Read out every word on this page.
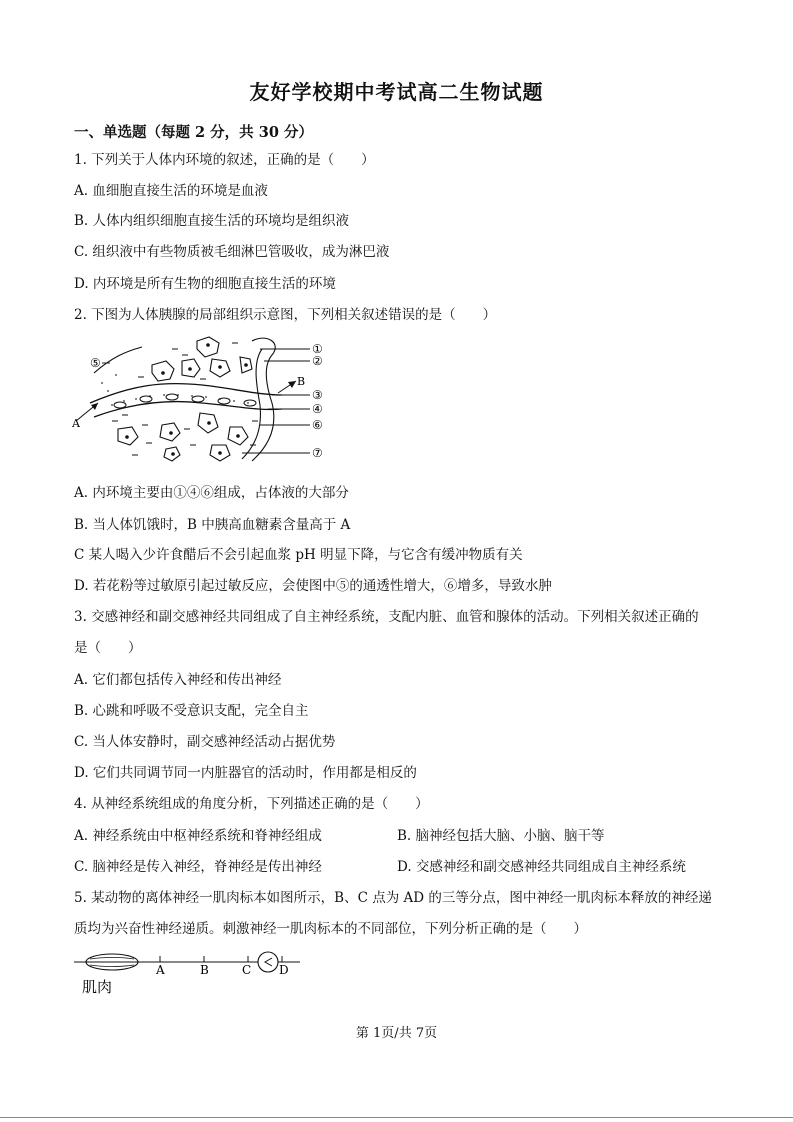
友好学校期中考试高二生物试题
一、单选题（每题 2 分，共 30 分）
1. 下列关于人体内环境的叙述，正确的是（　　）
A. 血细胞直接生活的环境是血液
B. 人体内组织细胞直接生活的环境均是组织液
C. 组织液中有些物质被毛细淋巴管吸收，成为淋巴液
D. 内环境是所有生物的细胞直接生活的环境
2. 下图为人体胰腺的局部组织示意图，下列相关叙述错误的是（　　）
A
B
⑤
①
②
③
④
⑥
⑦
A. 内环境主要由①④⑥组成，占体液的大部分
B. 当人体饥饿时，B 中胰高血糖素含量高于 A
C 某人喝入少许食醋后不会引起血浆 pH 明显下降，与它含有缓冲物质有关
D. 若花粉等过敏原引起过敏反应，会使图中⑤的通透性增大，⑥增多，导致水肿
3. 交感神经和副交感神经共同组成了自主神经系统，支配内脏、血管和腺体的活动。下列相关叙述正确的
是（　　）
A. 它们都包括传入神经和传出神经
B. 心跳和呼吸不受意识支配，完全自主
C. 当人体安静时，副交感神经活动占据优势
D. 它们共同调节同一内脏器官的活动时，作用都是相反的
4. 从神经系统组成的角度分析，下列描述正确的是（　　）
A. 神经系统由中枢神经系统和脊神经组成	B. 脑神经包括大脑、小脑、脑干等
C. 脑神经是传入神经，脊神经是传出神经	D. 交感神经和副交感神经共同组成自主神经系统
5. 某动物的离体神经一肌肉标本如图所示，B、C 点为 AD 的三等分点，图中神经一肌肉标本释放的神经递
质均为兴奋性神经递质。刺激神经一肌肉标本的不同部位，下列分析正确的是（　　）
A	B	C D
肌肉
第 1页/共 7页
